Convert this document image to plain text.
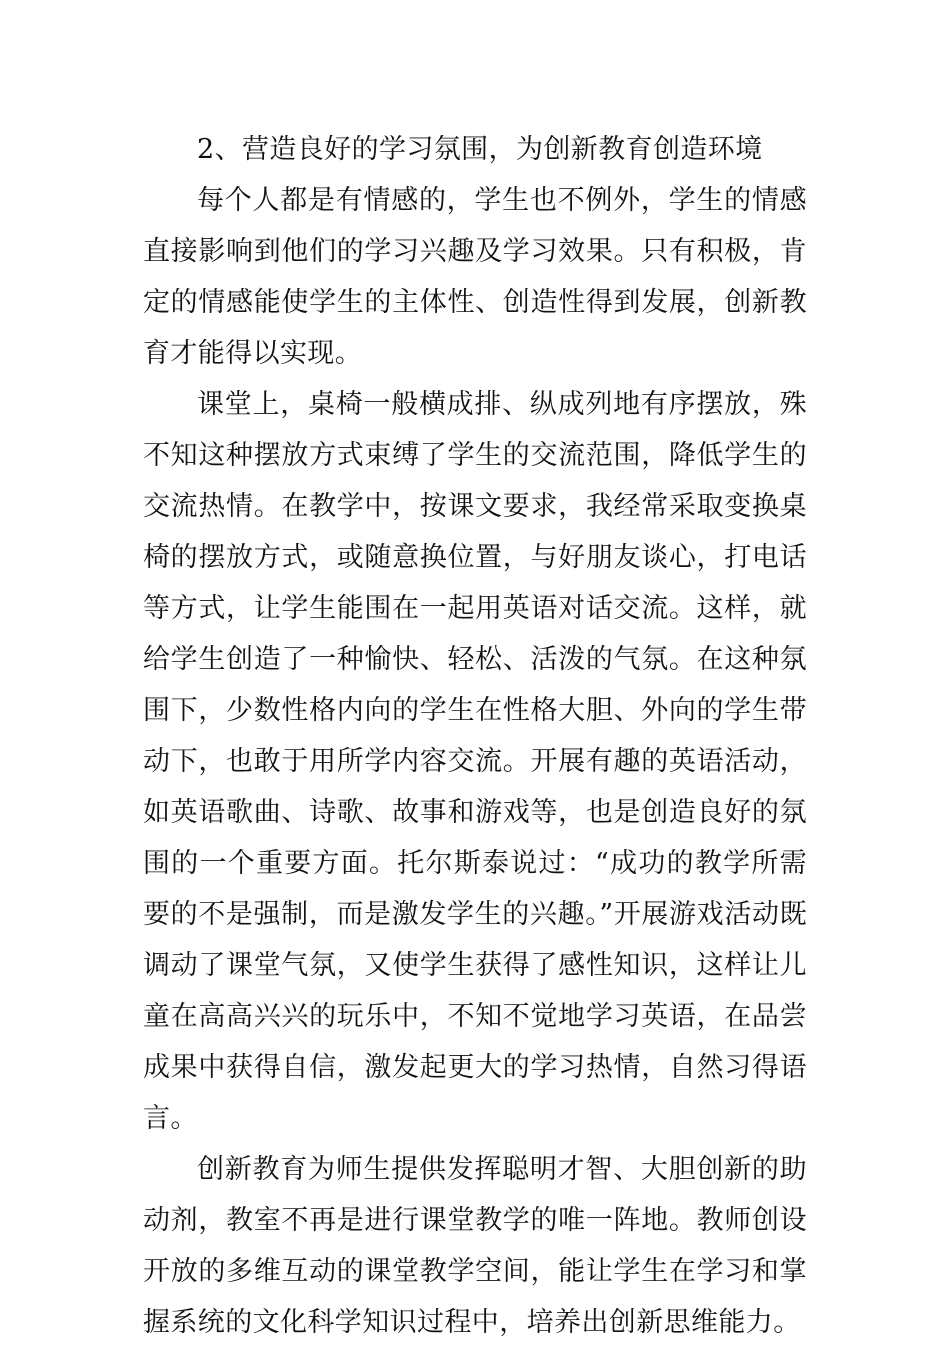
2、营造良好的学习氛围，为创新教育创造环境

每个人都是有情感的，学生也不例外，学生的情感直接影响到他们的学习兴趣及学习效果。只有积极，肯定的情感能使学生的主体性、创造性得到发展，创新教育才能得以实现。

课堂上，桌椅一般横成排、纵成列地有序摆放，殊不知这种摆放方式束缚了学生的交流范围，降低学生的交流热情。在教学中，按课文要求，我经常采取变换桌椅的摆放方式，或随意换位置，与好朋友谈心，打电话等方式，让学生能围在一起用英语对话交流。这样，就给学生创造了一种愉快、轻松、活泼的气氛。在这种氛围下，少数性格内向的学生在性格大胆、外向的学生带动下，也敢于用所学内容交流。开展有趣的英语活动，如英语歌曲、诗歌、故事和游戏等，也是创造良好的氛围的一个重要方面。托尔斯泰说过：“成功的教学所需要的不是强制，而是激发学生的兴趣。”开展游戏活动既调动了课堂气氛，又使学生获得了感性知识，这样让儿童在高高兴兴的玩乐中，不知不觉地学习英语，在品尝成果中获得自信，激发起更大的学习热情，自然习得语言。

创新教育为师生提供发挥聪明才智、大胆创新的助动剂，教室不再是进行课堂教学的唯一阵地。教师创设开放的多维互动的课堂教学空间，能让学生在学习和掌握系统的文化科学知识过程中，培养出创新思维能力。
